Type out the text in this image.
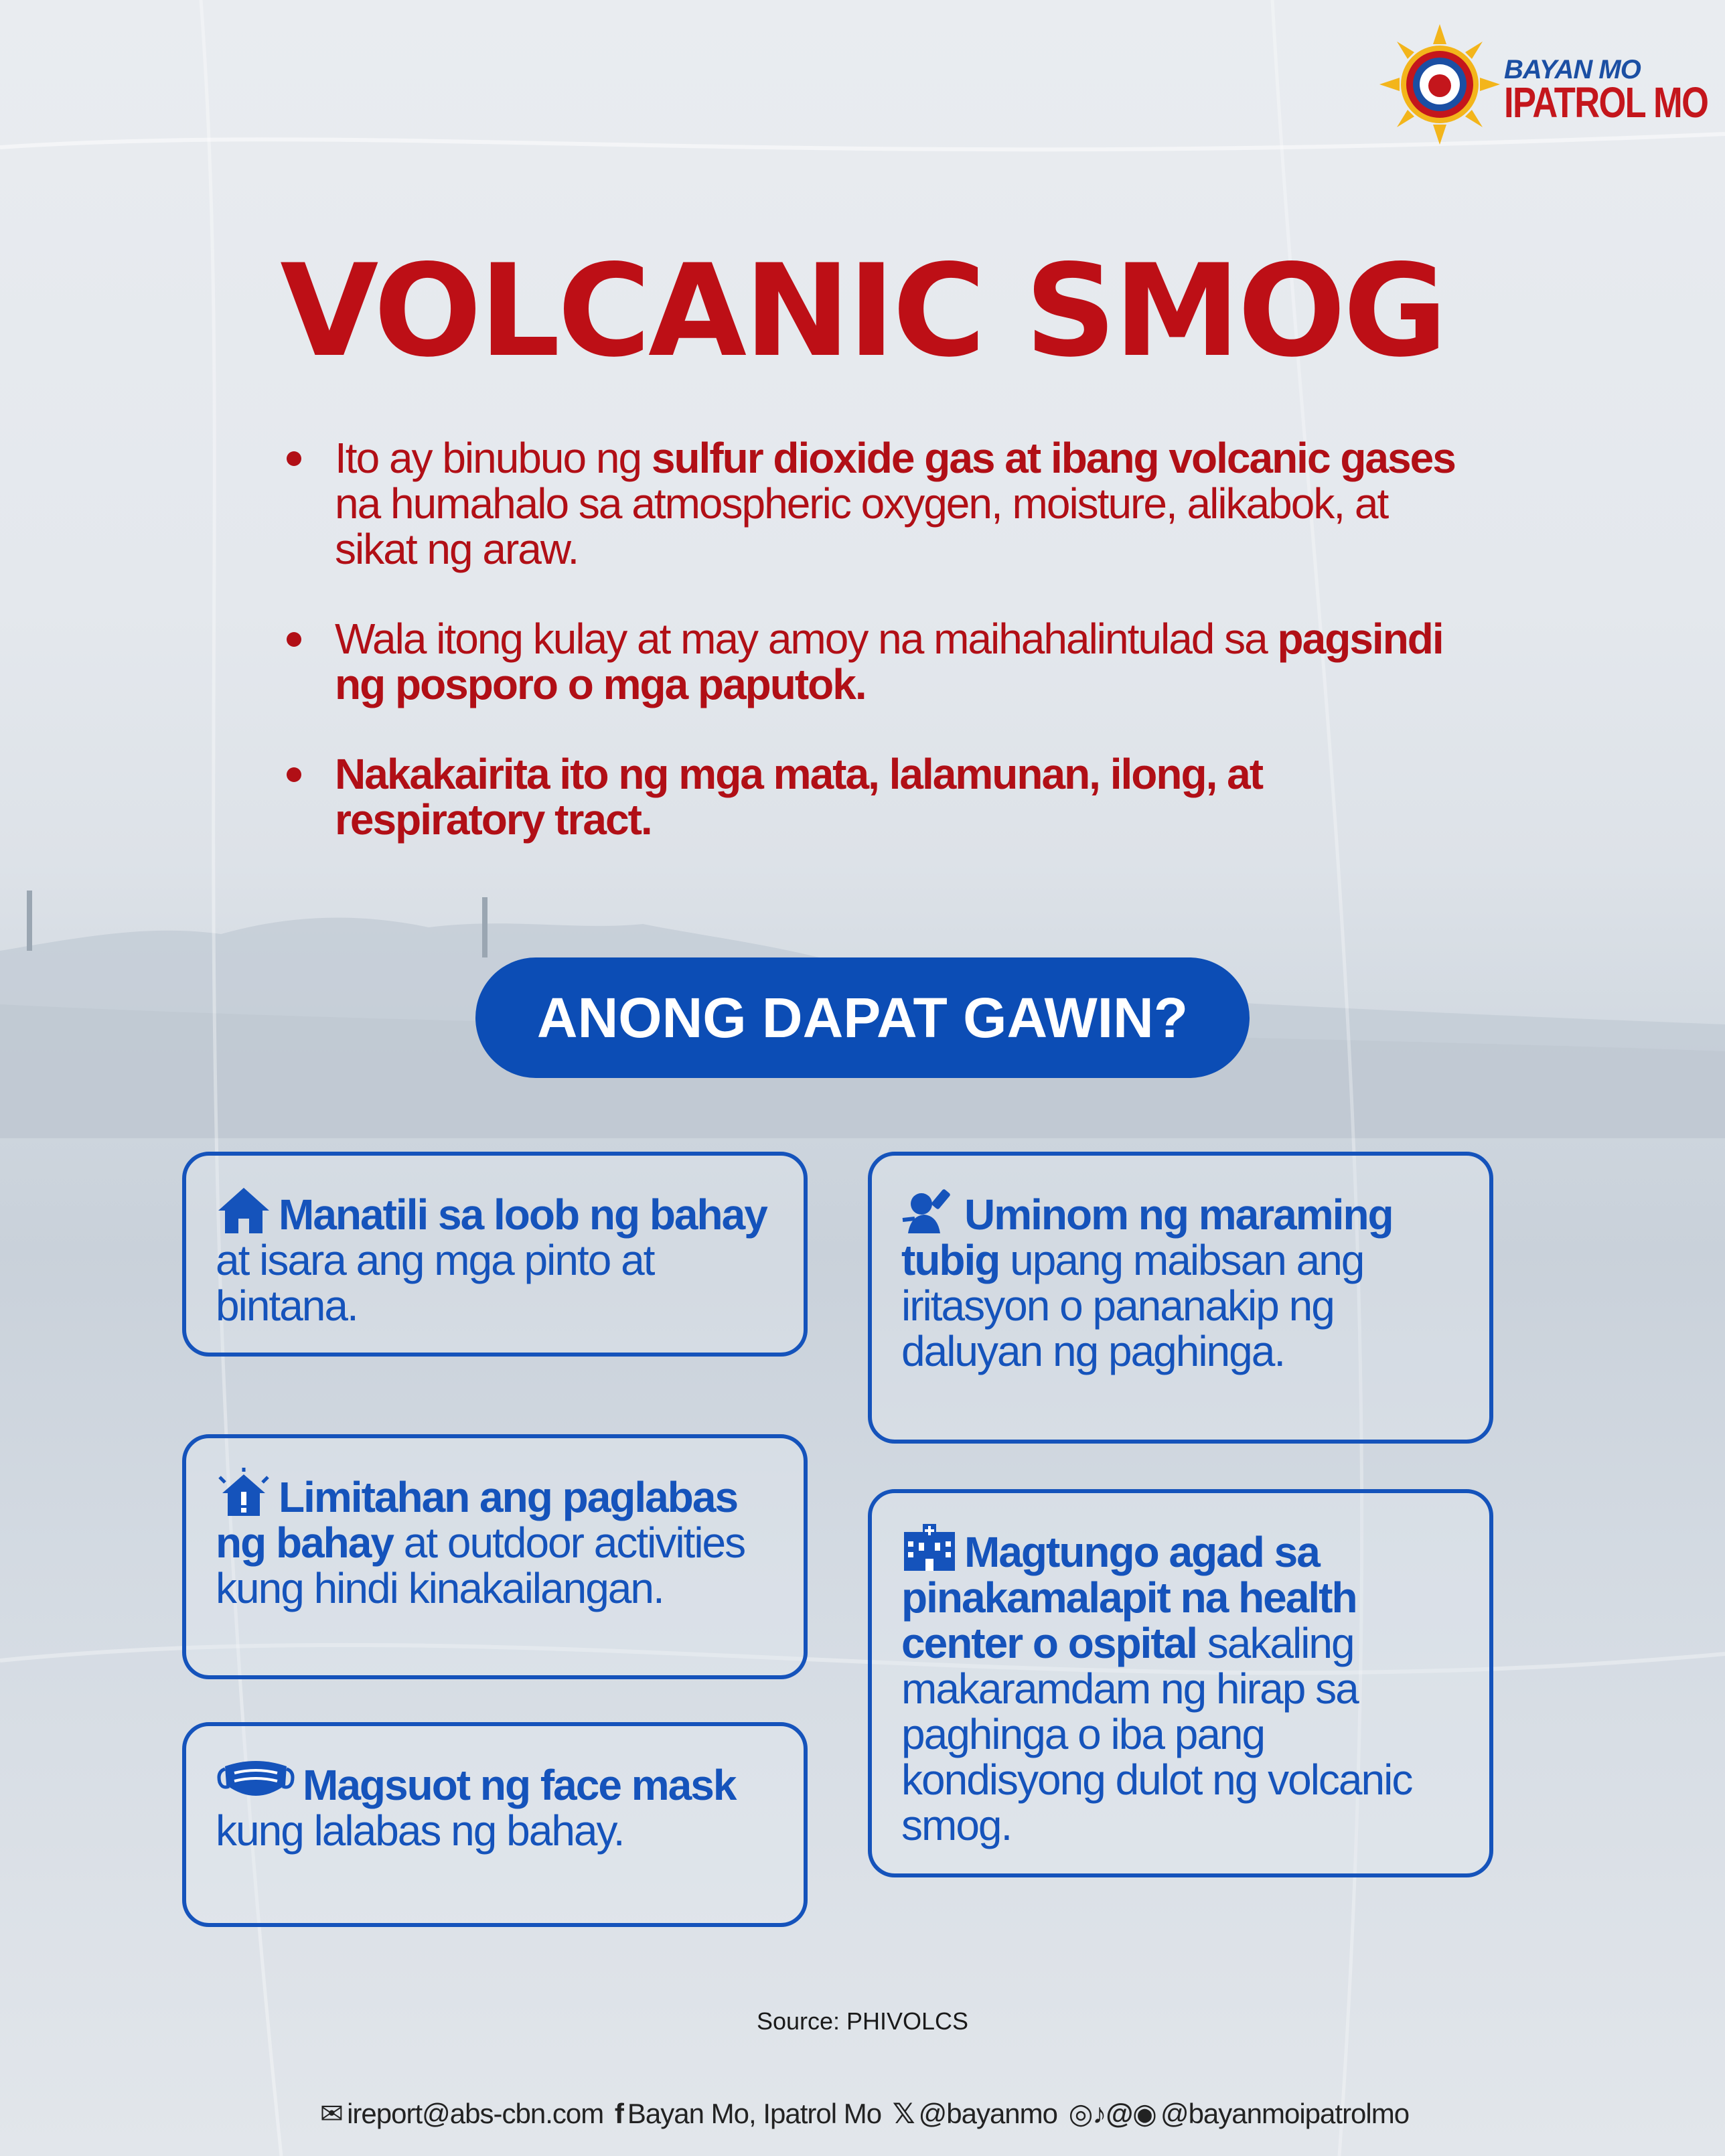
BAYAN MO
IPATROL MO
VOLCANIC SMOG
Ito ay binubuo ng sulfur dioxide gas at ibang volcanic gases na humahalo sa atmospheric oxygen, moisture, alikabok, at sikat ng araw.
Wala itong kulay at may amoy na maihahalintulad sa pagsindi ng posporo o mga paputok.
Nakakairita ito ng mga mata, lalamunan, ilong, at respiratory tract.
ANONG DAPAT GAWIN?
Manatili sa loob ng bahay at isara ang mga pinto at bintana.
Limitahan ang paglabas ng bahay at outdoor activities kung hindi kinakailangan.
Magsuot ng face mask kung lalabas ng bahay.
Uminom ng maraming tubig upang maibsan ang iritasyon o pananakip ng daluyan ng paghinga.
Magtungo agad sa pinakamalapit na health center o ospital sakaling makaramdam ng hirap sa paghinga o iba pang kondisyong dulot ng volcanic smog.
Source: PHIVOLCS
✉ ireport@abs-cbn.com f Bayan Mo, Ipatrol Mo 𝕏 @bayanmo ◎♪@◉ @bayanmoipatrolmo
